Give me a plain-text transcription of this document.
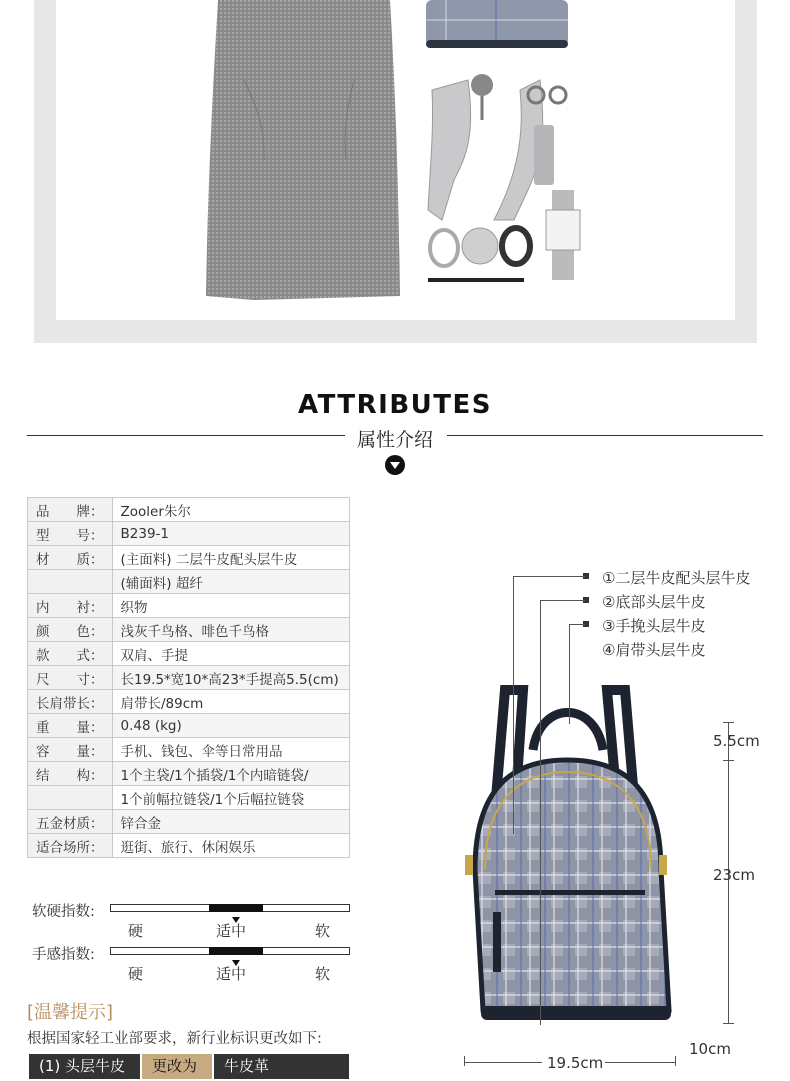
ATTRIBUTES
属性介绍
品　　牌：	Zooler朱尔
型　　号：	B239-1
材　　质：	(主面料) 二层牛皮配头层牛皮
	(辅面料) 超纤
内　　衬：	织物
颜　　色：	浅灰千鸟格、啡色千鸟格
款　　式：	双肩、手提
尺　　寸：	长19.5*宽10*高23*手提高5.5(cm)
长肩带长：	肩带长/89cm
重　　量：	0.48 (kg)
容　　量：	手机、钱包、伞等日常用品
结　　构：	1个主袋/1个插袋/1个内暗链袋/
	1个前幅拉链袋/1个后幅拉链袋
五金材质：	锌合金
适合场所：	逛街、旅行、休闲娱乐
软硬指数:
硬	适中	软
手感指数:
硬	适中	软
[温馨提示]
根据国家轻工业部要求，新行业标识更改如下:
(1) 头层牛皮	更改为	牛皮革
①二层牛皮配头层牛皮
②底部头层牛皮
③手挽头层牛皮
④肩带头层牛皮
5.5cm
23cm
10cm
19.5cm
